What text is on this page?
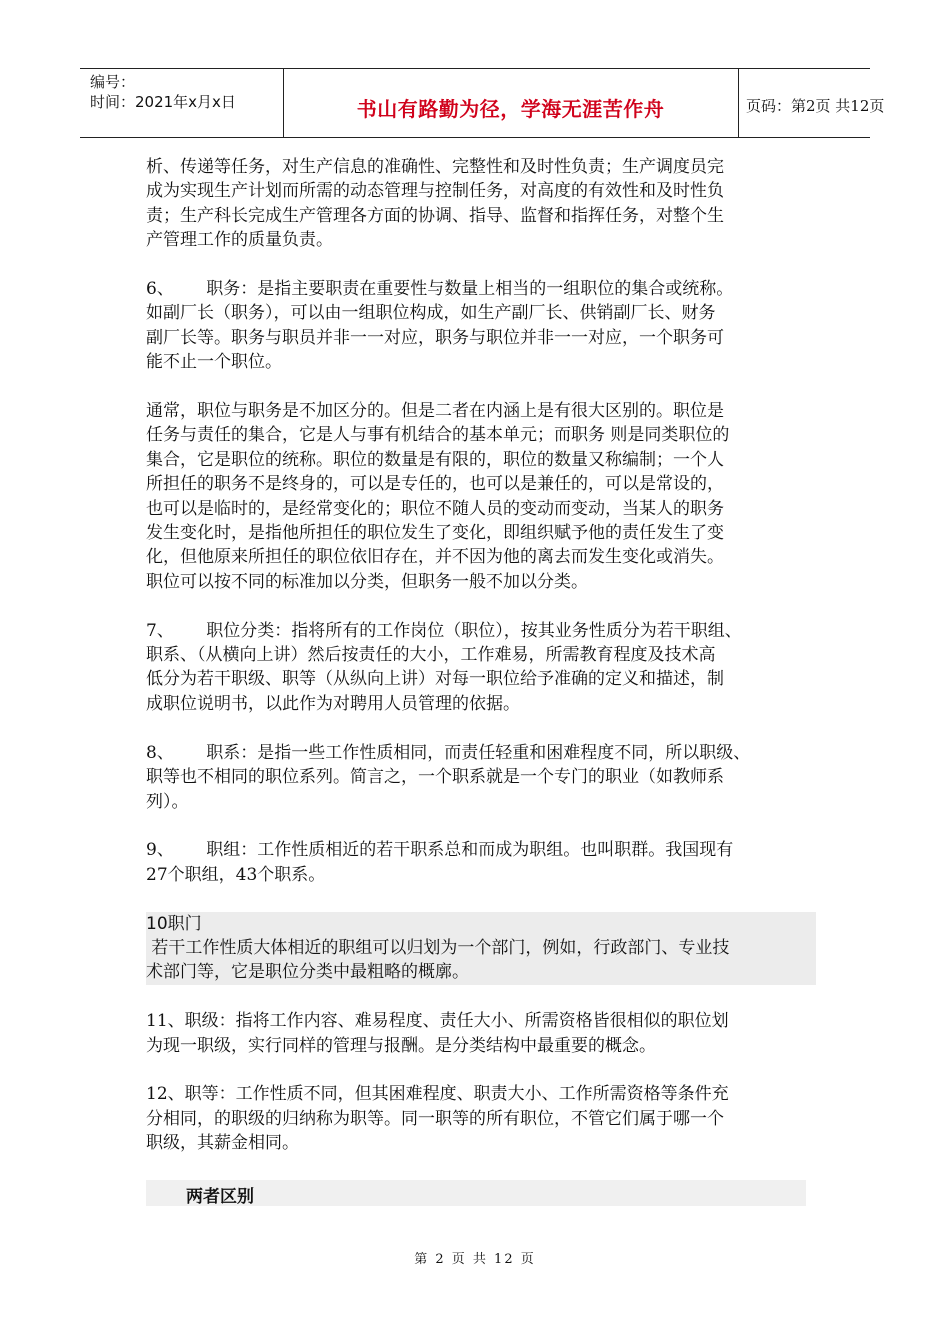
编号：
时间：2021年x月x日	书山有路勤为径，学海无涯苦作舟	页码：第2页 共12页

析、传递等任务，对生产信息的准确性、完整性和及时性负责；生产调度员完
成为实现生产计划而所需的动态管理与控制任务，对高度的有效性和及时性负
责；生产科长完成生产管理各方面的协调、指导、监督和指挥任务，对整个生
产管理工作的质量负责。

6、      职务：是指主要职责在重要性与数量上相当的一组职位的集合或统称。
如副厂长（职务），可以由一组职位构成，如生产副厂长、供销副厂长、财务
副厂长等。职务与职员并非一一对应，职务与职位并非一一对应，一个职务可
能不止一个职位。

通常，职位与职务是不加区分的。但是二者在内涵上是有很大区别的。职位是
任务与责任的集合，它是人与事有机结合的基本单元；而职务 则是同类职位的
集合，它是职位的统称。职位的数量是有限的，职位的数量又称编制；一个人
所担任的职务不是终身的，可以是专任的，也可以是兼任的，可以是常设的，
也可以是临时的，是经常变化的；职位不随人员的变动而变动，当某人的职务
发生变化时，是指他所担任的职位发生了变化，即组织赋予他的责任发生了变
化，但他原来所担任的职位依旧存在，并不因为他的离去而发生变化或消失。
职位可以按不同的标准加以分类，但职务一般不加以分类。

7、      职位分类：指将所有的工作岗位（职位），按其业务性质分为若干职组、
职系、（从横向上讲）然后按责任的大小，工作难易，所需教育程度及技术高
低分为若干职级、职等（从纵向上讲）对每一职位给予准确的定义和描述，制
成职位说明书，以此作为对聘用人员管理的依据。

8、      职系：是指一些工作性质相同，而责任轻重和困难程度不同，所以职级、
职等也不相同的职位系列。简言之，一个职系就是一个专门的职业（如教师系
列）。

9、      职组：工作性质相近的若干职系总和而成为职组。也叫职群。我国现有
27个职组，43个职系。

10职门
若干工作性质大体相近的职组可以归划为一个部门，例如，行政部门、专业技
术部门等，它是职位分类中最粗略的概廓。

11、职级：指将工作内容、难易程度、责任大小、所需资格皆很相似的职位划
为现一职级，实行同样的管理与报酬。是分类结构中最重要的概念。

12、职等：工作性质不同，但其困难程度、职责大小、工作所需资格等条件充
分相同，的职级的归纳称为职等。同一职等的所有职位，不管它们属于哪一个
职级，其薪金相同。

两者区别
第 2 页 共 12 页
